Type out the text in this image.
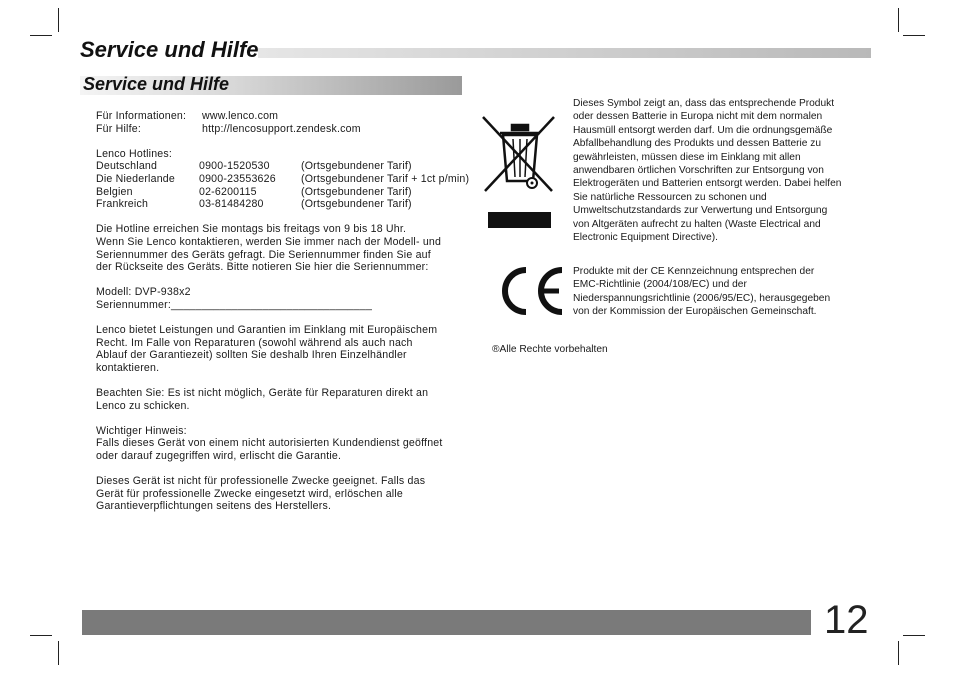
Service und Hilfe
Service und Hilfe
Für Informationen: www.lenco.com
Für Hilfe:	http://lencosupport.zendesk.com
Lenco Hotlines:
Deutschland	0900-1520530	(Ortsgebundener Tarif)
Die Niederlande 0900-23553626 (Ortsgebundener Tarif + 1ct p/min)
Belgien	02-6200115	(Ortsgebundener Tarif)
Frankreich	03-81484280	(Ortsgebundener Tarif)
Die Hotline erreichen Sie montags bis freitags von 9 bis 18 Uhr.
Wenn Sie Lenco kontaktieren, werden Sie immer nach der Modell- und
Seriennummer des Geräts gefragt. Die Seriennummer finden Sie auf
der Rückseite des Geräts. Bitte notieren Sie hier die Seriennummer:
Modell: DVP-938x2
Seriennummer:_________________________________
Lenco bietet Leistungen und Garantien im Einklang mit Europäischem
Recht. Im Falle von Reparaturen (sowohl während als auch nach
Ablauf der Garantiezeit) sollten Sie deshalb Ihren Einzelhändler
kontaktieren.
Beachten Sie: Es ist nicht möglich, Geräte für Reparaturen direkt an
Lenco zu schicken.
Wichtiger Hinweis:
Falls dieses Gerät von einem nicht autorisierten Kundendienst geöffnet
oder darauf zugegriffen wird, erlischt die Garantie.
Dieses Gerät ist nicht für professionelle Zwecke geeignet. Falls das
Gerät für professionelle Zwecke eingesetzt wird, erlöschen alle
Garantieverpflichtungen seitens des Herstellers.
Dieses Symbol zeigt an, dass das entsprechende Produkt
oder dessen Batterie in Europa nicht mit dem normalen
Hausmüll entsorgt werden darf. Um die ordnungsgemäße
Abfallbehandlung des Produkts und dessen Batterie zu
gewährleisten, müssen diese im Einklang mit allen
anwendbaren örtlichen Vorschriften zur Entsorgung von
Elektrogeräten und Batterien entsorgt werden. Dabei helfen
Sie natürliche Ressourcen zu schonen und
Umweltschutzstandards zur Verwertung und Entsorgung
von Altgeräten aufrecht zu halten (Waste Electrical and
Electronic Equipment Directive).
Produkte mit der CE Kennzeichnung entsprechen der
EMC-Richtlinie (2004/108/EC) und der
Niederspannungsrichtlinie (2006/95/EC), herausgegeben
von der Kommission der Europäischen Gemeinschaft.
®Alle Rechte vorbehalten
12
